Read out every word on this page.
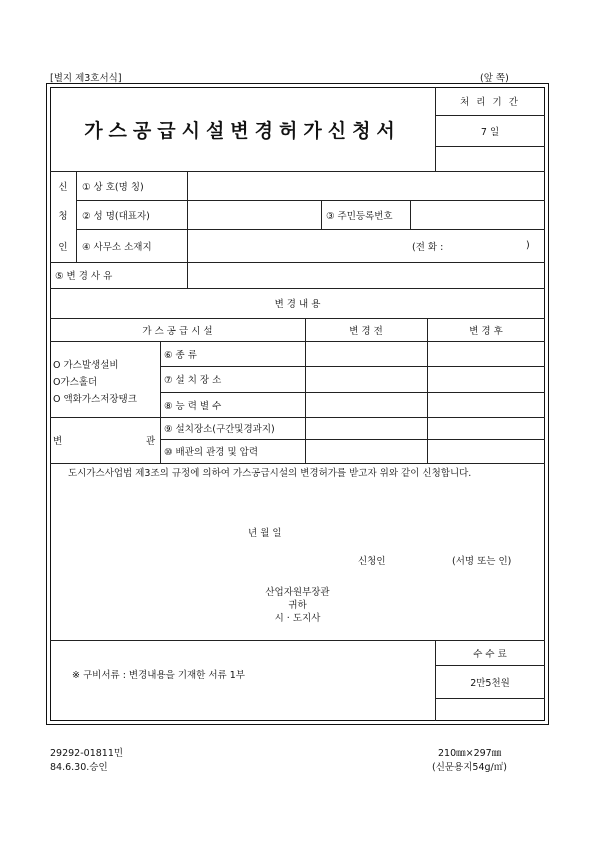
[별지 제3호서식]	(앞 쪽)
가스공급시설변경허가신청서
처 리 기 간
7 일
신
청
인
① 상 호(명 칭)
② 성 명(대표자)	③ 주민등록번호
④ 사무소 소재지	(전 화 :	)
⑤ 변 경 사 유
변 경 내 용
가 스 공 급 시 설	변 경 전	변 경 후
O 가스발생설비
O가스홀더
O 액화가스저장탱크
⑥ 종 류
⑦ 설 치 장 소
⑧ 능 력 별 수
변	관
⑨ 설치장소(구간및경과지)
⑩ 배관의 관경 및 압력
도시가스사업법 제3조의 규정에 의하여 가스공급시설의 변경허가를 받고자 위와 같이 신청합니다.
년 월 일
신청인	(서명 또는 인)
산업자원부장관
귀하
시 · 도지사
※ 구비서류 : 변경내용을 기재한 서류 1부
수 수 료
2만5천원
29292-01811민
84.6.30.승인
210㎜×297㎜
(신문용지54g/㎡)
